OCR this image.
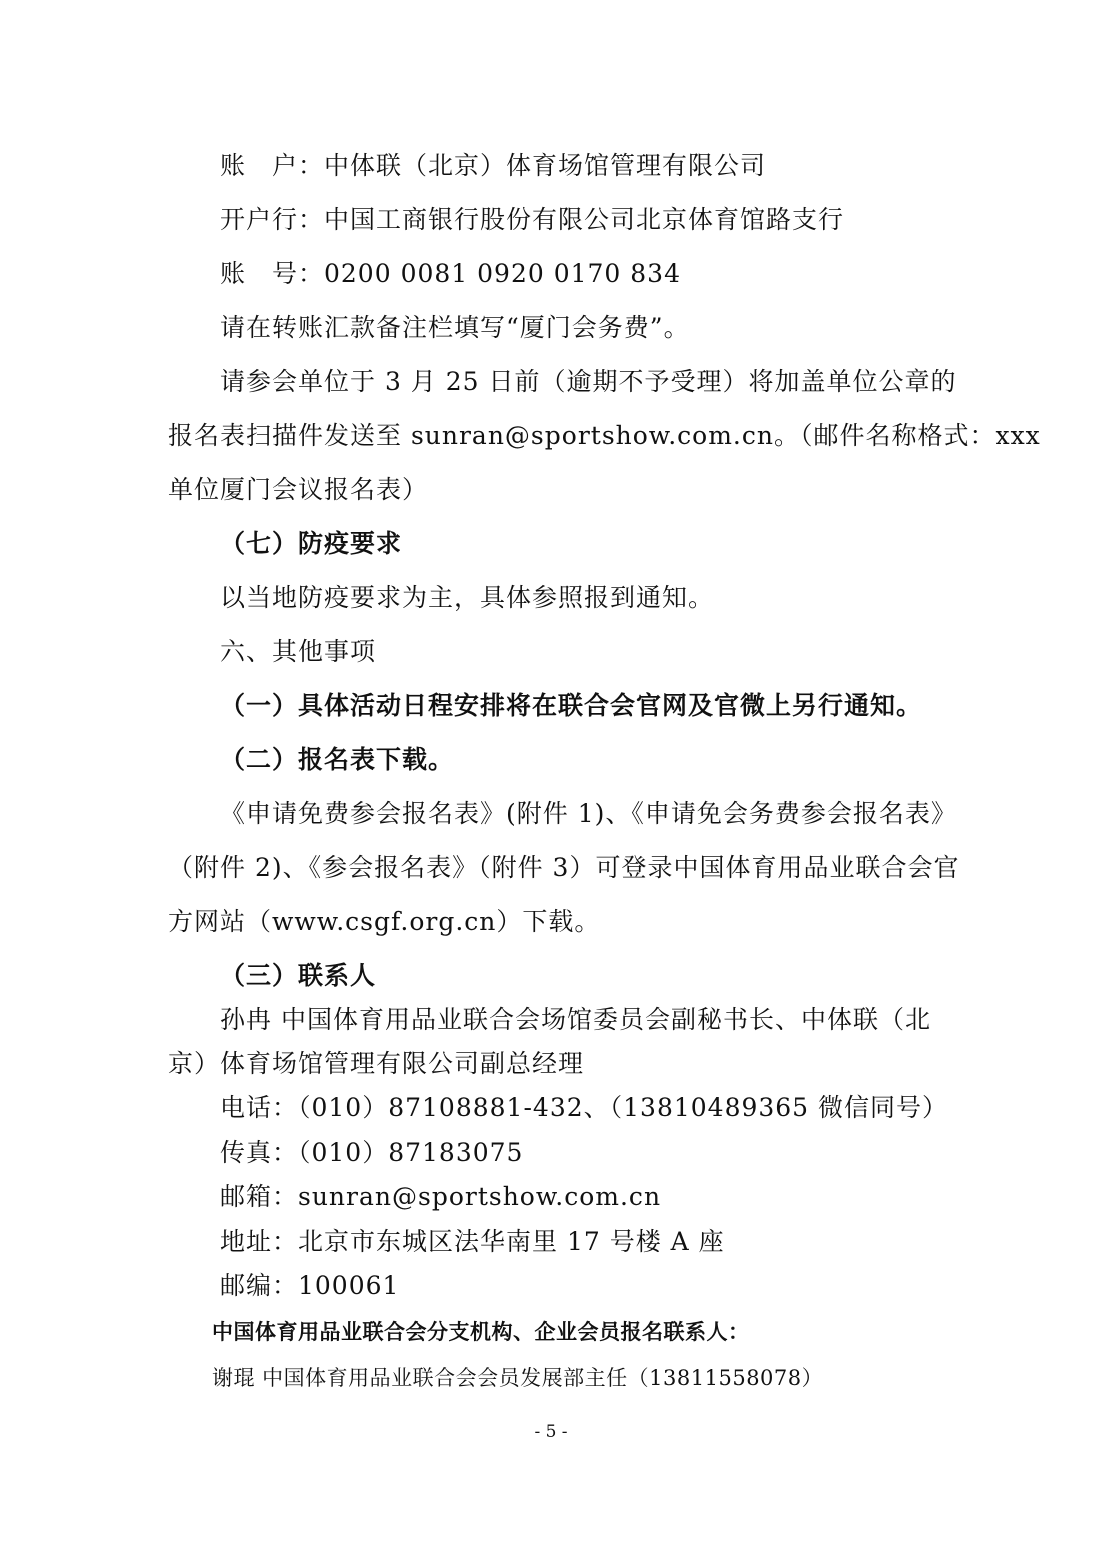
账　户：中体联（北京）体育场馆管理有限公司
开户行：中国工商银行股份有限公司北京体育馆路支行
账　号：0200 0081 0920 0170 834
请在转账汇款备注栏填写“厦门会务费”。
请参会单位于 3 月 25 日前（逾期不予受理）将加盖单位公章的
报名表扫描件发送至 sunran@sportshow.com.cn。（邮件名称格式：xxx
单位厦门会议报名表）
（七）防疫要求
以当地防疫要求为主，具体参照报到通知。
六、其他事项
（一）具体活动日程安排将在联合会官网及官微上另行通知。
（二）报名表下载。
《申请免费参会报名表》(附件 1)、《申请免会务费参会报名表》
（附件 2)、《参会报名表》（附件 3）可登录中国体育用品业联合会官
方网站（www.csgf.org.cn）下载。
（三）联系人
孙冉 中国体育用品业联合会场馆委员会副秘书长、中体联（北
京）体育场馆管理有限公司副总经理
电话：（010）87108881-432、（13810489365 微信同号）
传真：（010）87183075
邮箱：sunran@sportshow.com.cn
地址：北京市东城区法华南里 17 号楼 A 座
邮编：100061
中国体育用品业联合会分支机构、企业会员报名联系人：
谢琨 中国体育用品业联合会会员发展部主任（13811558078）
- 5 -
